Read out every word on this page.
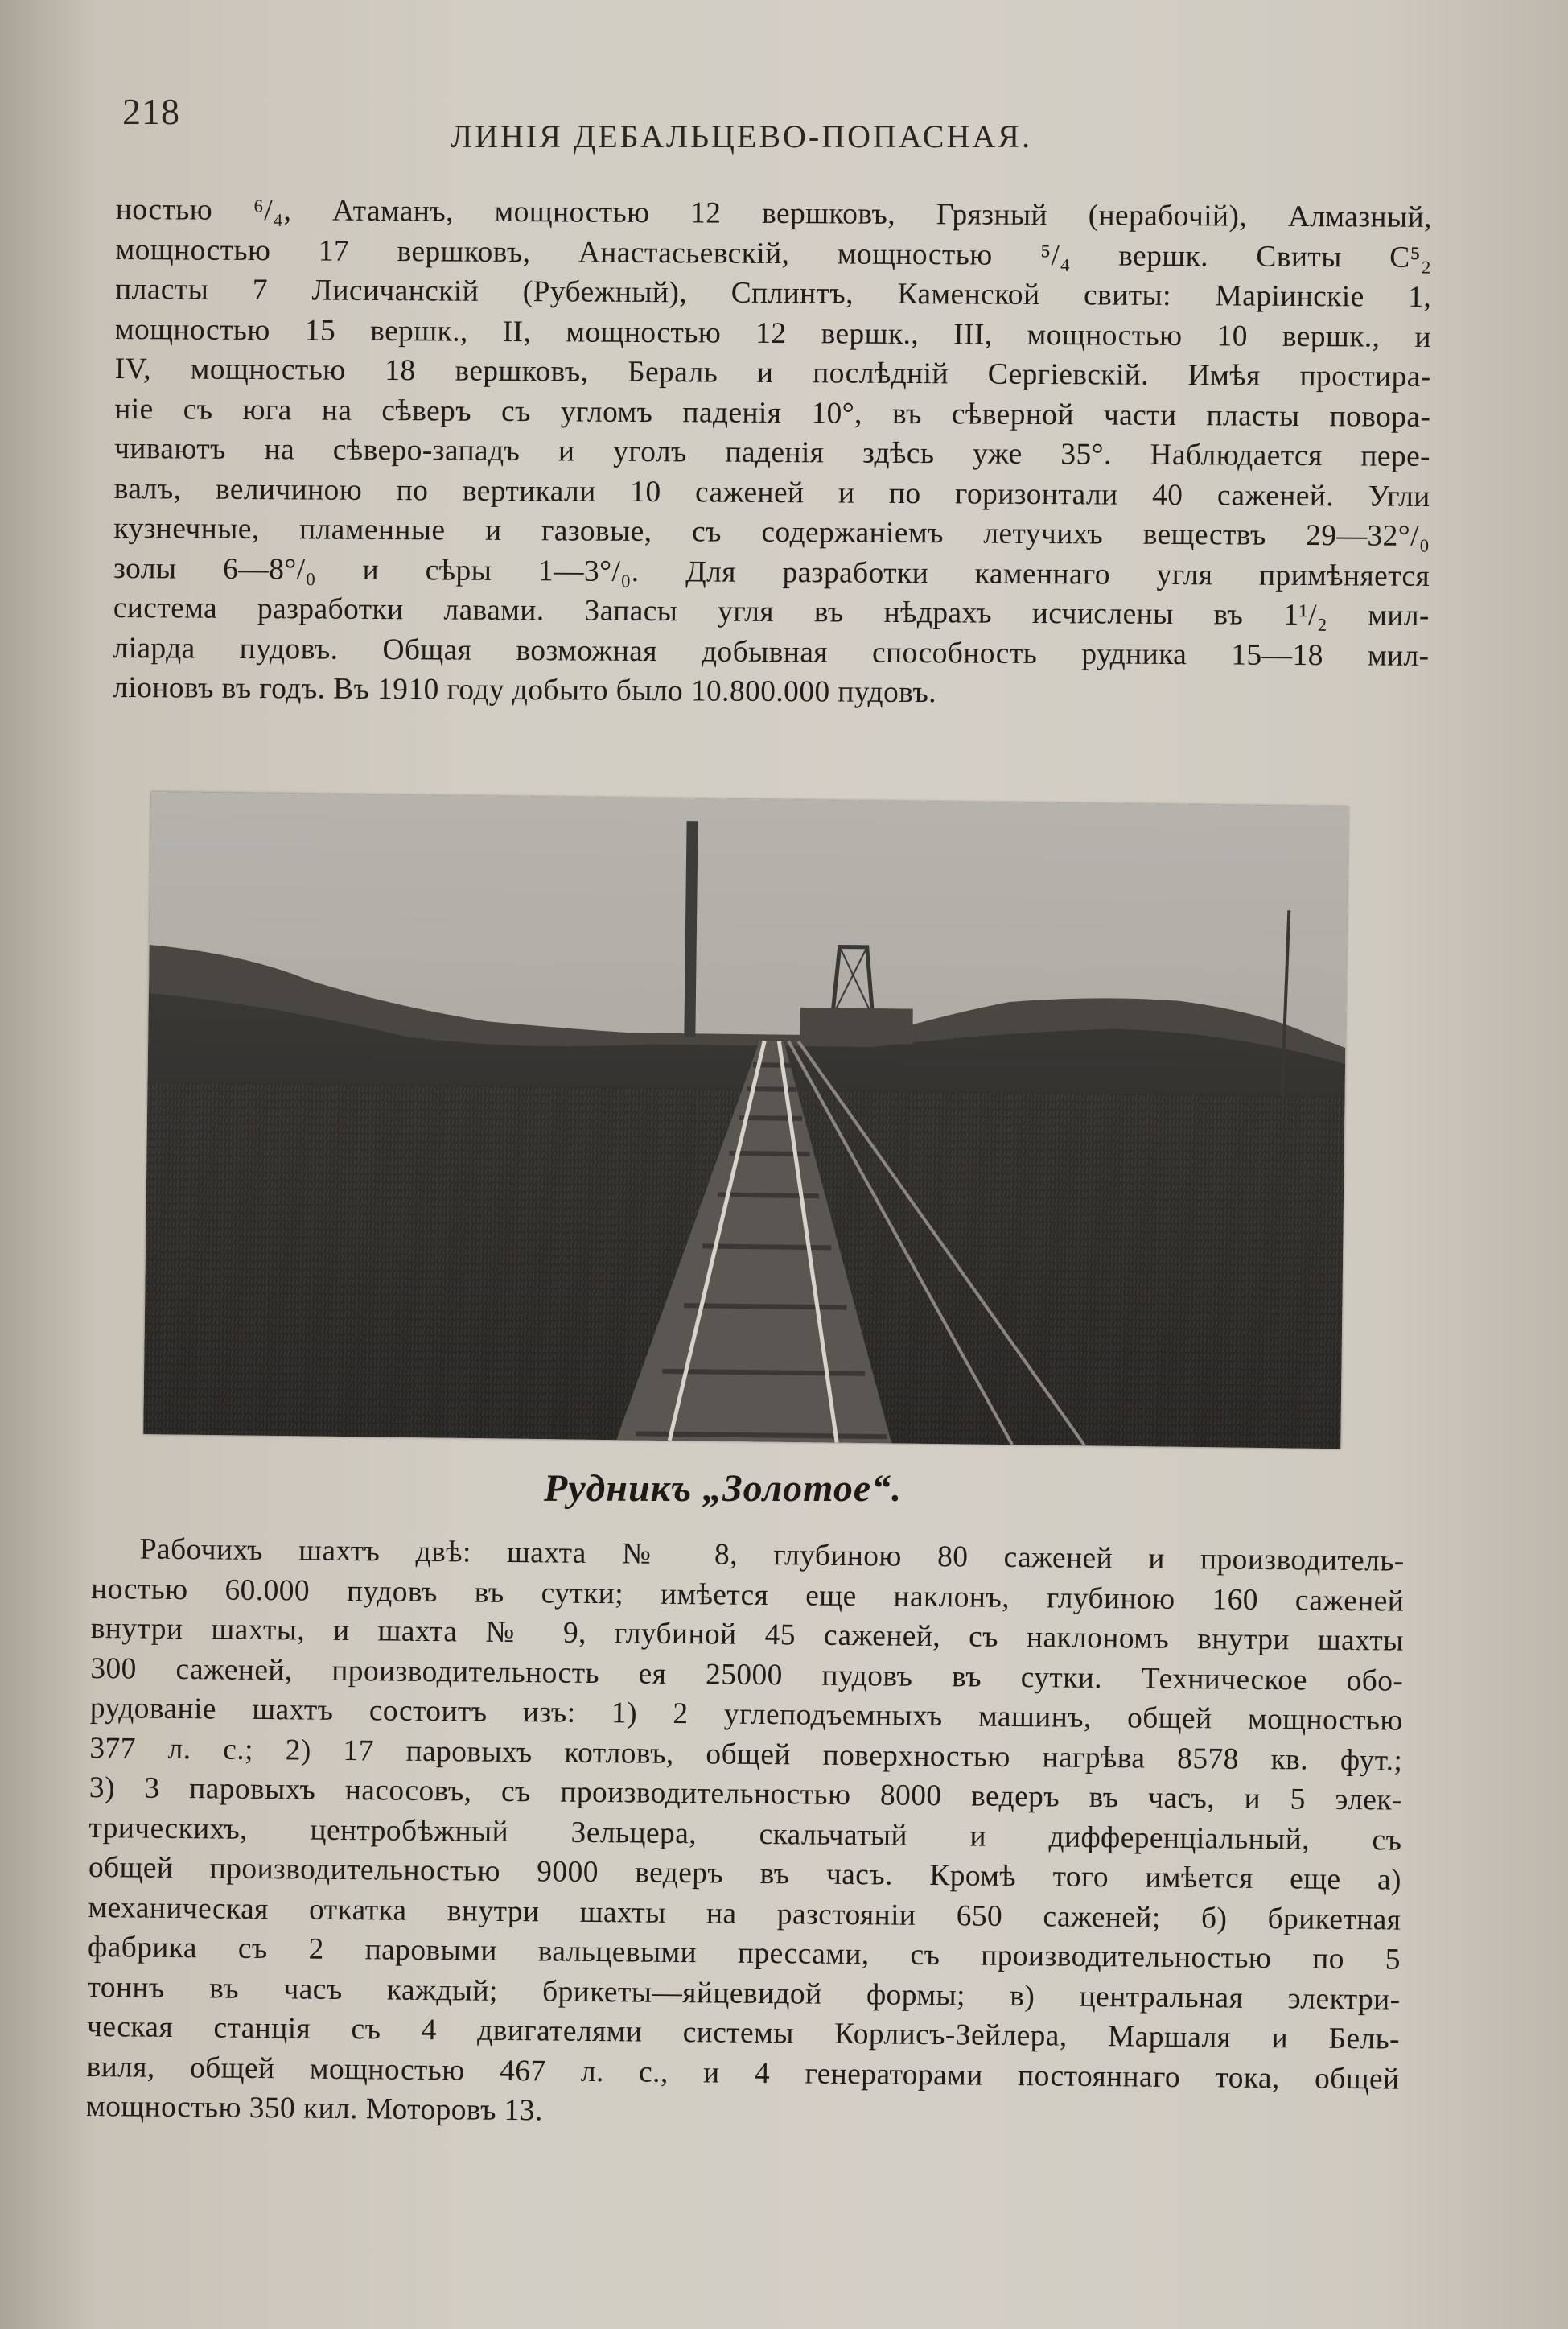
218
ЛИНІЯ ДЕБАЛЬЦЕВО-ПОПАСНАЯ.
ностью ⁶/₄, Атаманъ, мощностью 12 вершковъ, Грязный (нерабочій), Алмазный,
мощностью 17 вершковъ, Анастасьевскій, мощностью ⁵/₄ вершк. Свиты C⁵₂
пласты 7 Лисичанскій (Рубежный), Сплинтъ, Каменской свиты: Маріинскіе 1,
мощностью 15 вершк., II, мощностью 12 вершк., III, мощностью 10 вершк., и
IV, мощностью 18 вершковъ, Бераль и послѣдній Сергіевскій. Имѣя простира-
ніе съ юга на сѣверъ съ угломъ паденія 10°, въ сѣверной части пласты повора-
чиваютъ на сѣверо-западъ и уголъ паденія здѣсь уже 35°. Наблюдается пере-
валъ, величиною по вертикали 10 саженей и по горизонтали 40 саженей. Угли
кузнечные, пламенные и газовые, съ содержаніемъ летучихъ веществъ 29—32°/₀
золы 6—8°/₀ и сѣры 1—3°/₀. Для разработки каменнаго угля примѣняется
система разработки лавами. Запасы угля въ нѣдрахъ исчислены въ 1¹/₂ мил-
ліарда пудовъ. Общая возможная добывная способность рудника 15—18 мил-
ліоновъ въ годъ. Въ 1910 году добыто было 10.800.000 пудовъ.
Рудникъ „Золотое“.
Рабочихъ шахтъ двѣ: шахта № 8, глубиною 80 саженей и производитель-
ностью 60.000 пудовъ въ сутки; имѣется еще наклонъ, глубиною 160 саженей
внутри шахты, и шахта № 9, глубиной 45 саженей, съ наклономъ внутри шахты
300 саженей, производительность ея 25000 пудовъ въ сутки. Техническое обо-
рудованіе шахтъ состоитъ изъ: 1) 2 углеподъемныхъ машинъ, общей мощностью
377 л. с.; 2) 17 паровыхъ котловъ, общей поверхностью нагрѣва 8578 кв. фут.;
3) 3 паровыхъ насосовъ, съ производительностью 8000 ведеръ въ часъ, и 5 элек-
трическихъ, центробѣжный Зельцера, скальчатый и дифференціальный, съ
общей производительностью 9000 ведеръ въ часъ. Кромѣ того имѣется еще а)
механическая откатка внутри шахты на разстояніи 650 саженей; б) брикетная
фабрика съ 2 паровыми вальцевыми прессами, съ производительностью по 5
тоннъ въ часъ каждый; брикеты—яйцевидой формы; в) центральная электри-
ческая станція съ 4 двигателями системы Корлисъ-Зейлера, Маршаля и Бель-
виля, общей мощностью 467 л. с., и 4 генераторами постояннаго тока, общей
мощностью 350 кил. Моторовъ 13.
